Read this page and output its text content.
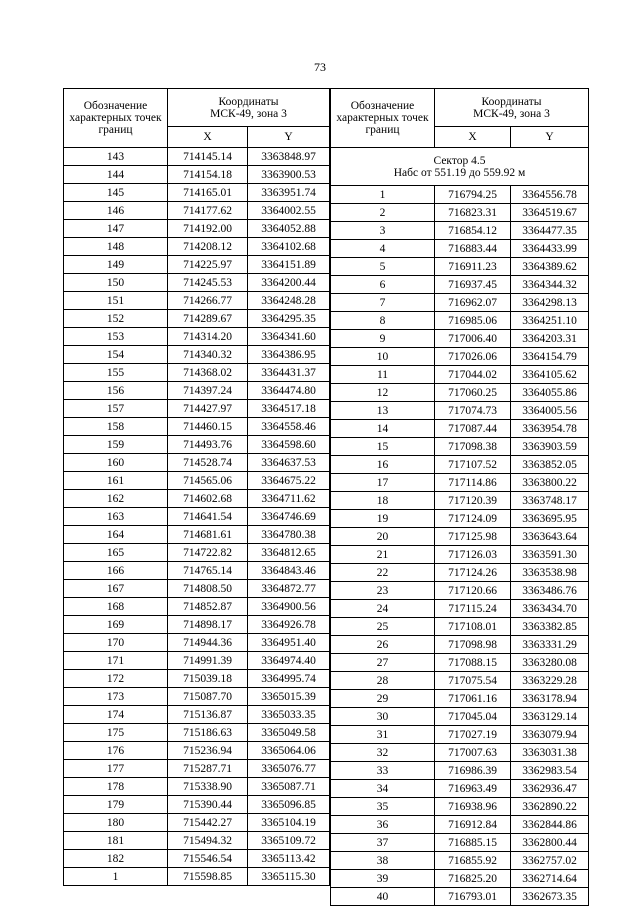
73
Обозначение характерных точек границ	Координаты
МСК-49, зона 3	

	X	Y
143	714145.14	3363848.97
144	714154.18	3363900.53
145	714165.01	3363951.74
146	714177.62	3364002.55
147	714192.00	3364052.88
148	714208.12	3364102.68
149	714225.97	3364151.89
150	714245.53	3364200.44
151	714266.77	3364248.28
152	714289.67	3364295.35
153	714314.20	3364341.60
154	714340.32	3364386.95
155	714368.02	3364431.37
156	714397.24	3364474.80
157	714427.97	3364517.18
158	714460.15	3364558.46
159	714493.76	3364598.60
160	714528.74	3364637.53
161	714565.06	3364675.22
162	714602.68	3364711.62
163	714641.54	3364746.69
164	714681.61	3364780.38
165	714722.82	3364812.65
166	714765.14	3364843.46
167	714808.50	3364872.77
168	714852.87	3364900.56
169	714898.17	3364926.78
170	714944.36	3364951.40
171	714991.39	3364974.40
172	715039.18	3364995.74
173	715087.70	3365015.39
174	715136.87	3365033.35
175	715186.63	3365049.58
176	715236.94	3365064.06
177	715287.71	3365076.77
178	715338.90	3365087.71
179	715390.44	3365096.85
180	715442.27	3365104.19
181	715494.32	3365109.72
182	715546.54	3365113.42
1	715598.85	3365115.30
Обозначение характерных точек границ	Координаты
МСК-49, зона 3	

	X	Y

Сектор 4.5
Набс от 551.19 до 559.92 м		

1	716794.25	3364556.78
2	716823.31	3364519.67
3	716854.12	3364477.35
4	716883.44	3364433.99
5	716911.23	3364389.62
6	716937.45	3364344.32
7	716962.07	3364298.13
8	716985.06	3364251.10
9	717006.40	3364203.31
10	717026.06	3364154.79
11	717044.02	3364105.62
12	717060.25	3364055.86
13	717074.73	3364005.56
14	717087.44	3363954.78
15	717098.38	3363903.59
16	717107.52	3363852.05
17	717114.86	3363800.22
18	717120.39	3363748.17
19	717124.09	3363695.95
20	717125.98	3363643.64
21	717126.03	3363591.30
22	717124.26	3363538.98
23	717120.66	3363486.76
24	717115.24	3363434.70
25	717108.01	3363382.85
26	717098.98	3363331.29
27	717088.15	3363280.08
28	717075.54	3363229.28
29	717061.16	3363178.94
30	717045.04	3363129.14
31	717027.19	3363079.94
32	717007.63	3363031.38
33	716986.39	3362983.54
34	716963.49	3362936.47
35	716938.96	3362890.22
36	716912.84	3362844.86
37	716885.15	3362800.44
38	716855.92	3362757.02
39	716825.20	3362714.64
40	716793.01	3362673.35
